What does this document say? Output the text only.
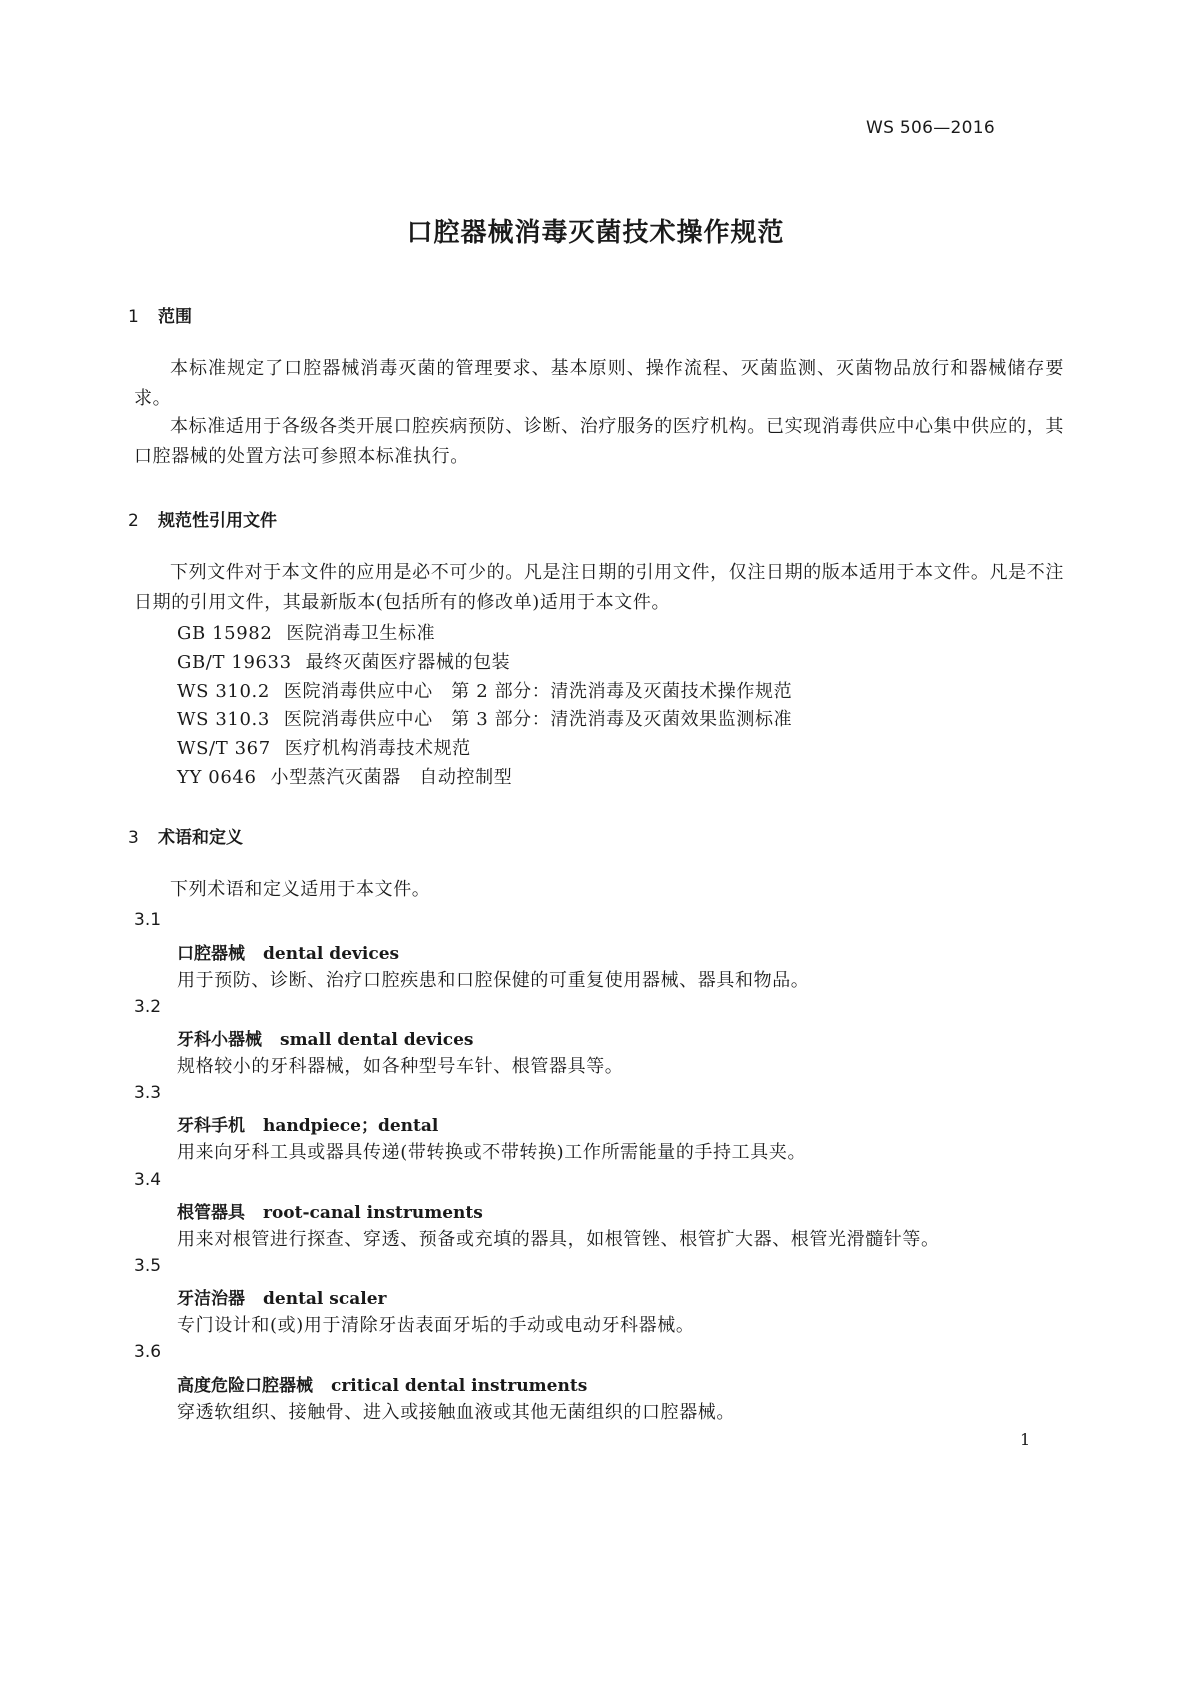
WS 506—2016
口腔器械消毒灭菌技术操作规范
1 范围
本标准规定了口腔器械消毒灭菌的管理要求、基本原则、操作流程、灭菌监测、灭菌物品放行和器械储存要求。
本标准适用于各级各类开展口腔疾病预防、诊断、治疗服务的医疗机构。已实现消毒供应中心集中供应的，其口腔器械的处置方法可参照本标准执行。
2 规范性引用文件
下列文件对于本文件的应用是必不可少的。凡是注日期的引用文件，仅注日期的版本适用于本文件。凡是不注日期的引用文件，其最新版本(包括所有的修改单)适用于本文件。
GB 15982 医院消毒卫生标准
GB/T 19633 最终灭菌医疗器械的包装
WS 310.2 医院消毒供应中心　第 2 部分：清洗消毒及灭菌技术操作规范
WS 310.3 医院消毒供应中心　第 3 部分：清洗消毒及灭菌效果监测标准
WS/T 367 医疗机构消毒技术规范
YY 0646 小型蒸汽灭菌器　自动控制型
3 术语和定义
下列术语和定义适用于本文件。
3.1
口腔器械 dental devices
用于预防、诊断、治疗口腔疾患和口腔保健的可重复使用器械、器具和物品。
3.2
牙科小器械 small dental devices
规格较小的牙科器械，如各种型号车针、根管器具等。
3.3
牙科手机 handpiece；dental
用来向牙科工具或器具传递(带转换或不带转换)工作所需能量的手持工具夹。
3.4
根管器具 root-canal instruments
用来对根管进行探查、穿透、预备或充填的器具，如根管锉、根管扩大器、根管光滑髓针等。
3.5
牙洁治器 dental scaler
专门设计和(或)用于清除牙齿表面牙垢的手动或电动牙科器械。
3.6
高度危险口腔器械 critical dental instruments
穿透软组织、接触骨、进入或接触血液或其他无菌组织的口腔器械。
1
